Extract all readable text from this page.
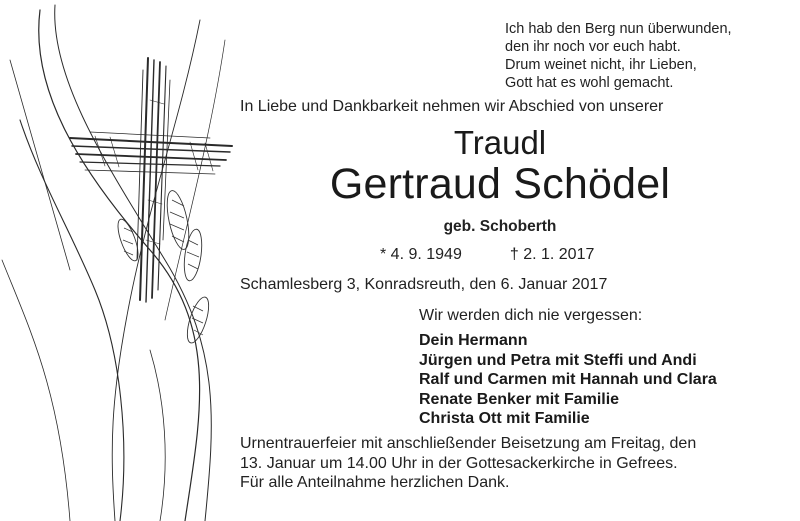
Ich hab den Berg nun überwunden,
den ihr noch vor euch habt.
Drum weinet nicht, ihr Lieben,
Gott hat es wohl gemacht.
In Liebe und Dankbarkeit nehmen wir Abschied von unserer
Traudl
Gertraud Schödel
geb. Schoberth
* 4. 9. 1949	† 2. 1. 2017
Schamlesberg 3, Konradsreuth, den 6. Januar 2017
Wir werden dich nie vergessen:
Dein Hermann
Jürgen und Petra mit Steffi und Andi
Ralf und Carmen mit Hannah und Clara
Renate Benker mit Familie
Christa Ott mit Familie
Urnentrauerfeier mit anschließender Beisetzung am Freitag, den
13. Januar um 14.00 Uhr in der Gottesackerkirche in Gefrees.
Für alle Anteilnahme herzlichen Dank.
